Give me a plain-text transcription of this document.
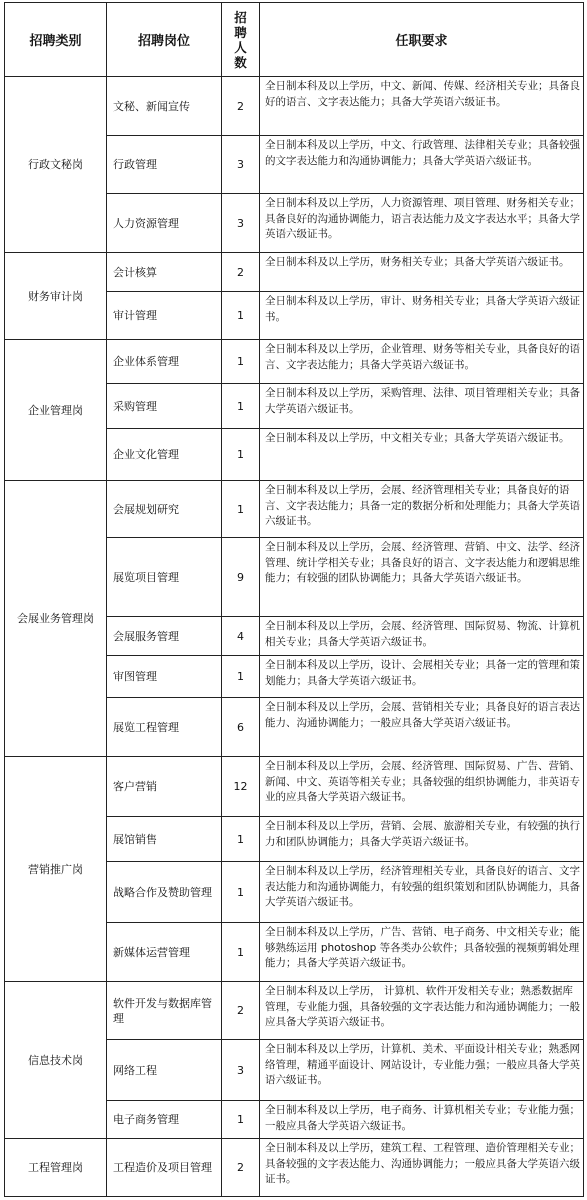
招聘类别	招聘岗位	招
聘
人
数	任职要求
行政文秘岗	文秘、新闻宣传	2	全日制本科及以上学历，中文、新闻、传媒、经济相关专业；具备良好的语言、文字表达能力；具备大学英语六级证书。
	行政管理	3	全日制本科及以上学历，中文、行政管理、法律相关专业；具备较强的文字表达能力和沟通协调能力；具备大学英语六级证书。
	人力资源管理	3	全日制本科及以上学历，人力资源管理、项目管理、财务相关专业；具备良好的沟通协调能力，语言表达能力及文字表达水平；具备大学英语六级证书。
财务审计岗	会计核算	2	全日制本科及以上学历，财务相关专业；具备大学英语六级证书。
	审计管理	1	全日制本科及以上学历，审计、财务相关专业；具备大学英语六级证书。
企业管理岗	企业体系管理	1	全日制本科及以上学历，企业管理、财务等相关专业，具备良好的语言、文字表达能力；具备大学英语六级证书。
	采购管理	1	全日制本科及以上学历，采购管理、法律、项目管理相关专业；具备大学英语六级证书。
	企业文化管理	1	全日制本科及以上学历，中文相关专业；具备大学英语六级证书。
会展业务管理岗	会展规划研究	1	全日制本科及以上学历，会展、经济管理相关专业；具备良好的语言、文字表达能力；具备一定的数据分析和处理能力；具备大学英语六级证书。
	展览项目管理	9	全日制本科及以上学历，会展、经济管理、营销、中文、法学、经济管理、统计学相关专业；具备良好的语言、文字表达能力和逻辑思维能力；有较强的团队协调能力；具备大学英语六级证书。
	会展服务管理	4	全日制本科及以上学历，会展、经济管理、国际贸易、物流、计算机相关专业；具备大学英语六级证书。
	审图管理	1	全日制本科及以上学历，设计、会展相关专业；具备一定的管理和策划能力；具备大学英语六级证书。
	展览工程管理	6	全日制本科及以上学历，会展、营销相关专业；具备良好的语言表达能力、沟通协调能力；一般应具备大学英语六级证书。
营销推广岗	客户营销	12	全日制本科及以上学历，会展、经济管理、国际贸易、广告、营销、新闻、中文、英语等相关专业；具备较强的组织协调能力，非英语专业的应具备大学英语六级证书。
	展馆销售	1	全日制本科及以上学历，营销、会展、旅游相关专业，有较强的执行力和团队协调能力；具备大学英语六级证书。
	战略合作及赞助管理	1	全日制本科及以上学历，经济管理相关专业，具备良好的语言、文字表达能力和沟通协调能力，有较强的组织策划和团队协调能力，具备大学英语六级证书。
	新媒体运营管理	1	全日制本科及以上学历，广告、营销、电子商务、中文相关专业；能够熟练运用 photoshop 等各类办公软件；具备较强的视频剪辑处理能力；具备大学英语六级证书。
信息技术岗	软件开发与数据库管理	2	全日制本科及以上学历， 计算机、软件开发相关专业；熟悉数据库管理，专业能力强，具备较强的文字表达能力和沟通协调能力；一般应具备大学英语六级证书。
	网络工程	3	全日制本科及以上学历，计算机、美术、平面设计相关专业；熟悉网络管理，精通平面设计、网站设计，专业能力强；一般应具备大学英语六级证书。
	电子商务管理	1	全日制本科及以上学历，电子商务、计算机相关专业；专业能力强；一般应具备大学英语六级证书。
工程管理岗	工程造价及项目管理	2	全日制本科及以上学历，建筑工程、工程管理、造价管理相关专业；具备较强的文字表达能力、沟通协调能力；一般应具备大学英语六级证书。
